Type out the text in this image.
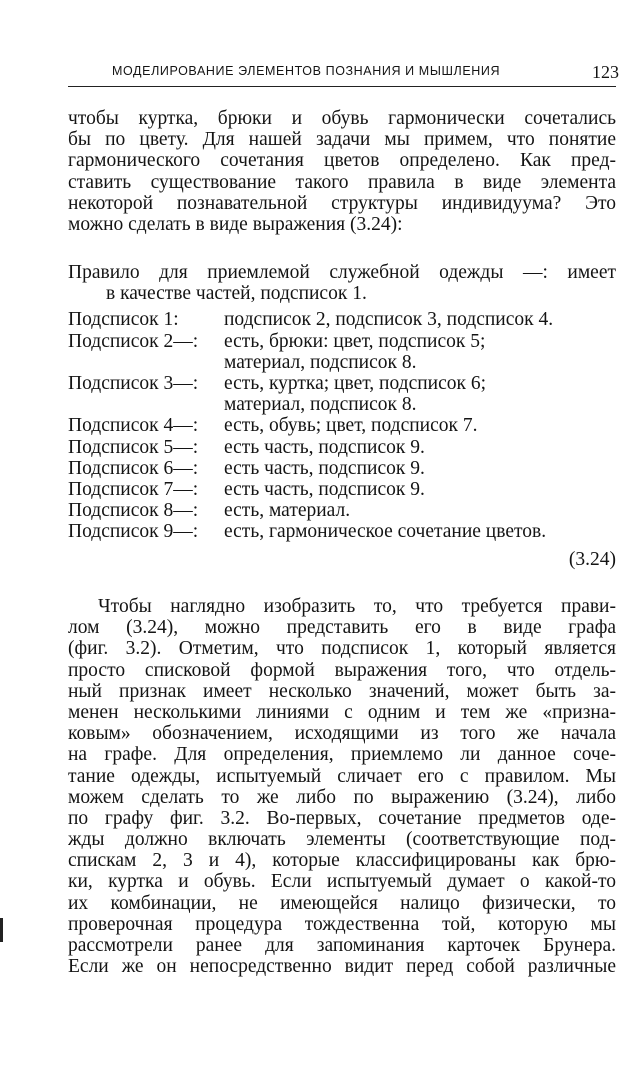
МОДЕЛИРОВАНИЕ ЭЛЕМЕНТОВ ПОЗНАНИЯ И МЫШЛЕНИЯ	123
чтобы куртка, брюки и обувь гармонически сочетались
бы по цвету. Для нашей задачи мы примем, что понятие
гармонического сочетания цветов определено. Как пред-
ставить существование такого правила в виде элемента
некоторой познавательной структуры индивидуума? Это
можно сделать в виде выражения (3.24):
Правило для приемлемой служебной одежды —: имеет
в качестве частей, подсписок 1.
Подсписок 1:	подсписок 2, подсписок 3, подсписок 4.
Подсписок 2—:	есть, брюки: цвет, подсписок 5;
материал, подсписок 8.
Подсписок 3—:	есть, куртка; цвет, подсписок 6;
материал, подсписок 8.
Подсписок 4—:	есть, обувь; цвет, подсписок 7.
Подсписок 5—:	есть часть, подсписок 9.
Подсписок 6—:	есть часть, подсписок 9.
Подсписок 7—:	есть часть, подсписок 9.
Подсписок 8—:	есть, материал.
Подсписок 9—:	есть, гармоническое сочетание цветов.
(3.24)
Чтобы наглядно изобразить то, что требуется прави-
лом (3.24), можно представить его в виде графа
(фиг. 3.2). Отметим, что подсписок 1, который является
просто списковой формой выражения того, что отдель-
ный признак имеет несколько значений, может быть за-
менен несколькими линиями с одним и тем же «призна-
ковым» обозначением, исходящими из того же начала
на графе. Для определения, приемлемо ли данное соче-
тание одежды, испытуемый сличает его с правилом. Мы
можем сделать то же либо по выражению (3.24), либо
по графу фиг. 3.2. Во-первых, сочетание предметов оде-
жды должно включать элементы (соответствующие под-
спискам 2, 3 и 4), которые классифицированы как брю-
ки, куртка и обувь. Если испытуемый думает о какой-то
их комбинации, не имеющейся налицо физически, то
проверочная процедура тождественна той, которую мы
рассмотрели ранее для запоминания карточек Брунера.
Если же он непосредственно видит перед собой различные
